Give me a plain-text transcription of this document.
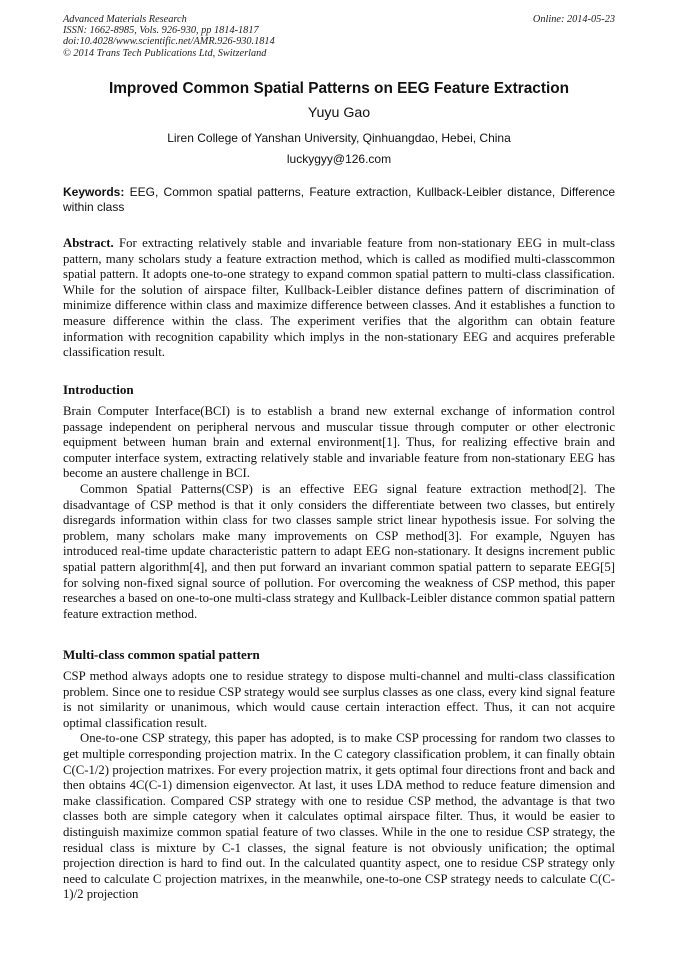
Advanced Materials Research	Online: 2014-05-23
ISSN: 1662-8985, Vols. 926-930, pp 1814-1817
doi:10.4028/www.scientific.net/AMR.926-930.1814
© 2014 Trans Tech Publications Ltd, Switzerland
Improved Common Spatial Patterns on EEG Feature Extraction
Yuyu Gao
Liren College of Yanshan University, Qinhuangdao, Hebei, China
luckygyy@126.com
Keywords: EEG, Common spatial patterns, Feature extraction, Kullback-Leibler distance, Difference within class
Abstract. For extracting relatively stable and invariable feature from non-stationary EEG in mult-class pattern, many scholars study a feature extraction method, which is called as modified multi-classcommon spatial pattern. It adopts one-to-one strategy to expand common spatial pattern to multi-class classification. While for the solution of airspace filter, Kullback-Leibler distance defines pattern of discrimination of minimize difference within class and maximize difference between classes. And it establishes a function to measure difference within the class. The experiment verifies that the algorithm can obtain feature information with recognition capability which implys in the non-stationary EEG and acquires preferable classification result.
Introduction

Brain Computer Interface(BCI) is to establish a brand new external exchange of information control passage independent on peripheral nervous and muscular tissue through computer or other electronic equipment between human brain and external environment[1]. Thus, for realizing effective brain and computer interface system, extracting relatively stable and invariable feature from non-stationary EEG has become an austere challenge in BCI.

Common Spatial Patterns(CSP) is an effective EEG signal feature extraction method[2]. The disadvantage of CSP method is that it only considers the differentiate between two classes, but entirely disregards information within class for two classes sample strict linear hypothesis issue. For solving the problem, many scholars make many improvements on CSP method[3]. For example, Nguyen has introduced real-time update characteristic pattern to adapt EEG non-stationary. It designs increment public spatial pattern algorithm[4], and then put forward an invariant common spatial pattern to separate EEG[5] for solving non-fixed signal source of pollution. For overcoming the weakness of CSP method, this paper researches a based on one-to-one multi-class strategy and Kullback-Leibler distance common spatial pattern feature extraction method.

Multi-class common spatial pattern

CSP method always adopts one to residue strategy to dispose multi-channel and multi-class classification problem. Since one to residue CSP strategy would see surplus classes as one class, every kind signal feature is not similarity or unanimous, which would cause certain interaction effect. Thus, it can not acquire optimal classification result.

One-to-one CSP strategy, this paper has adopted, is to make CSP processing for random two classes to get multiple corresponding projection matrix. In the C category classification problem, it can finally obtain C(C-1/2) projection matrixes. For every projection matrix, it gets optimal four directions front and back and then obtains 4C(C-1) dimension eigenvector. At last, it uses LDA method to reduce feature dimension and make classification. Compared CSP strategy with one to residue CSP method, the advantage is that two classes both are simple category when it calculates optimal airspace filter. Thus, it would be easier to distinguish maximize common spatial feature of two classes. While in the one to residue CSP strategy, the residual class is mixture by C-1 classes, the signal feature is not obviously unification; the optimal projection direction is hard to find out. In the calculated quantity aspect, one to residue CSP strategy only need to calculate C projection matrixes, in the meanwhile, one-to-one CSP strategy needs to calculate C(C-1)/2 projection
